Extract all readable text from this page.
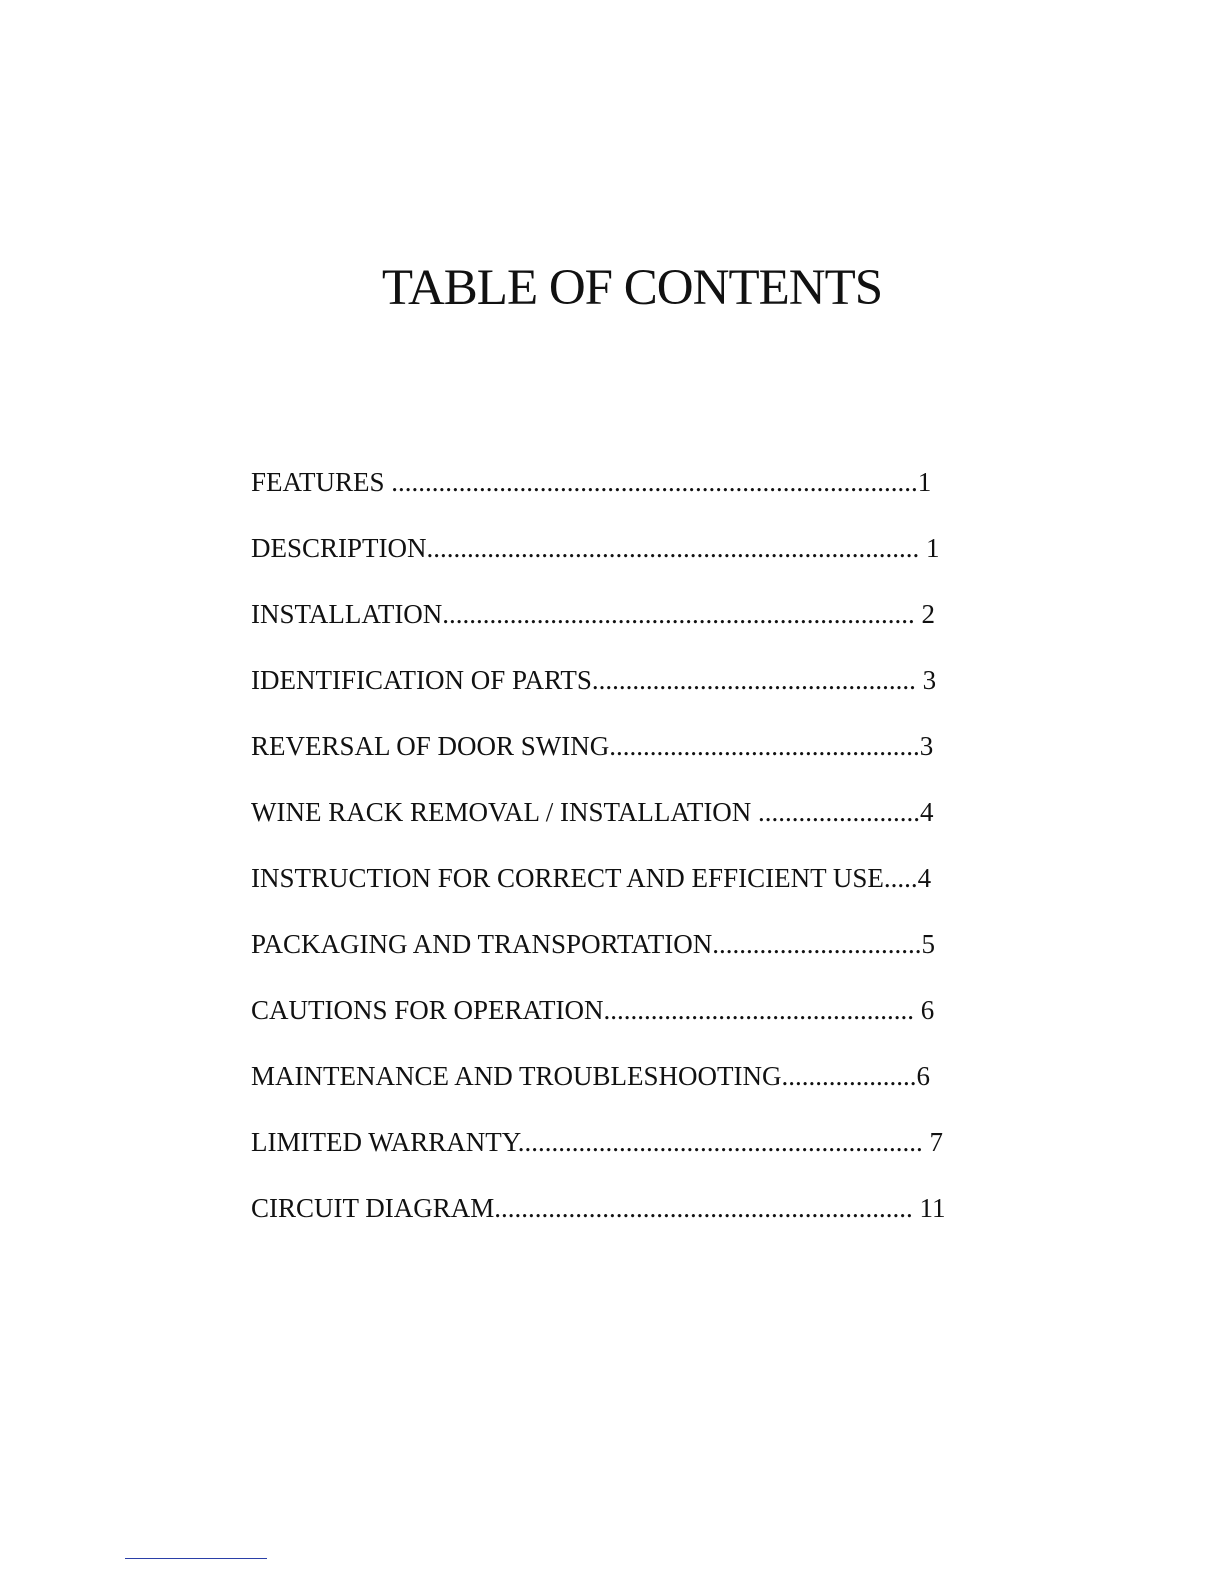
TABLE OF CONTENTS
FEATURES ..............................................................................1
DESCRIPTION......................................................................... 1
INSTALLATION...................................................................... 2
IDENTIFICATION OF PARTS................................................ 3
REVERSAL OF DOOR SWING..............................................3
WINE RACK REMOVAL / INSTALLATION ........................4
INSTRUCTION FOR CORRECT AND EFFICIENT USE.....4
PACKAGING AND TRANSPORTATION...............................5
CAUTIONS FOR OPERATION.............................................. 6
MAINTENANCE AND TROUBLESHOOTING....................6
LIMITED WARRANTY............................................................ 7
CIRCUIT DIAGRAM.............................................................. 11
